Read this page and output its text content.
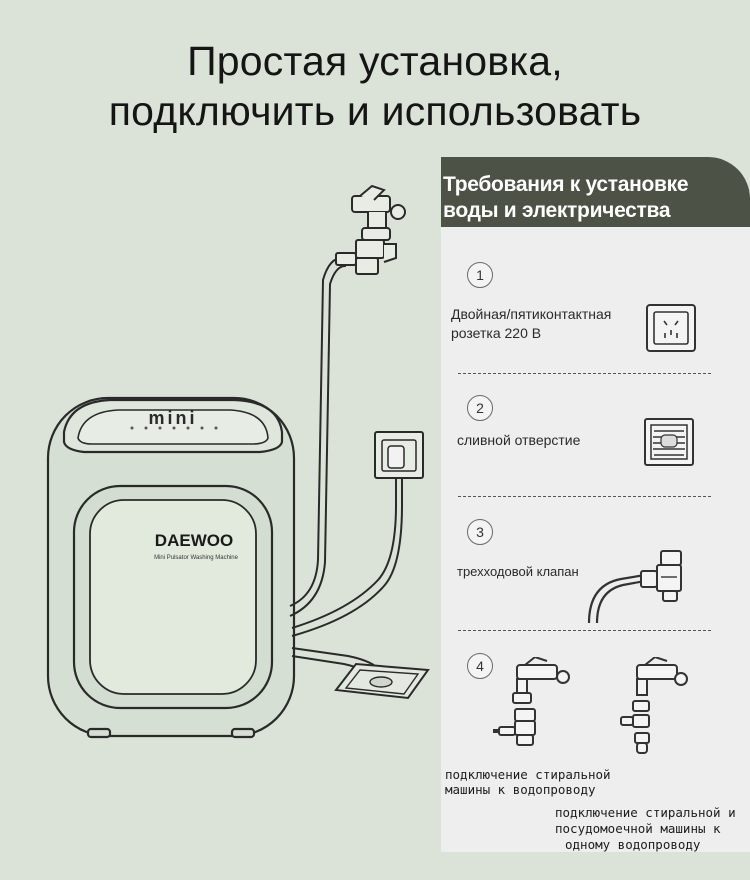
Простая установка,
подключить и использовать
mini
DAEWOO
Mini Pulsator Washing Machine
Требования к установке
воды и электричества
1
Двойная/пятиконтактная
розетка 220 В
2
сливной отверстие
3
трехходовой клапан
4
подключение стиральной
машины к водопроводу
подключение стиральной и
посудомоечной машины к
одному водопроводу
